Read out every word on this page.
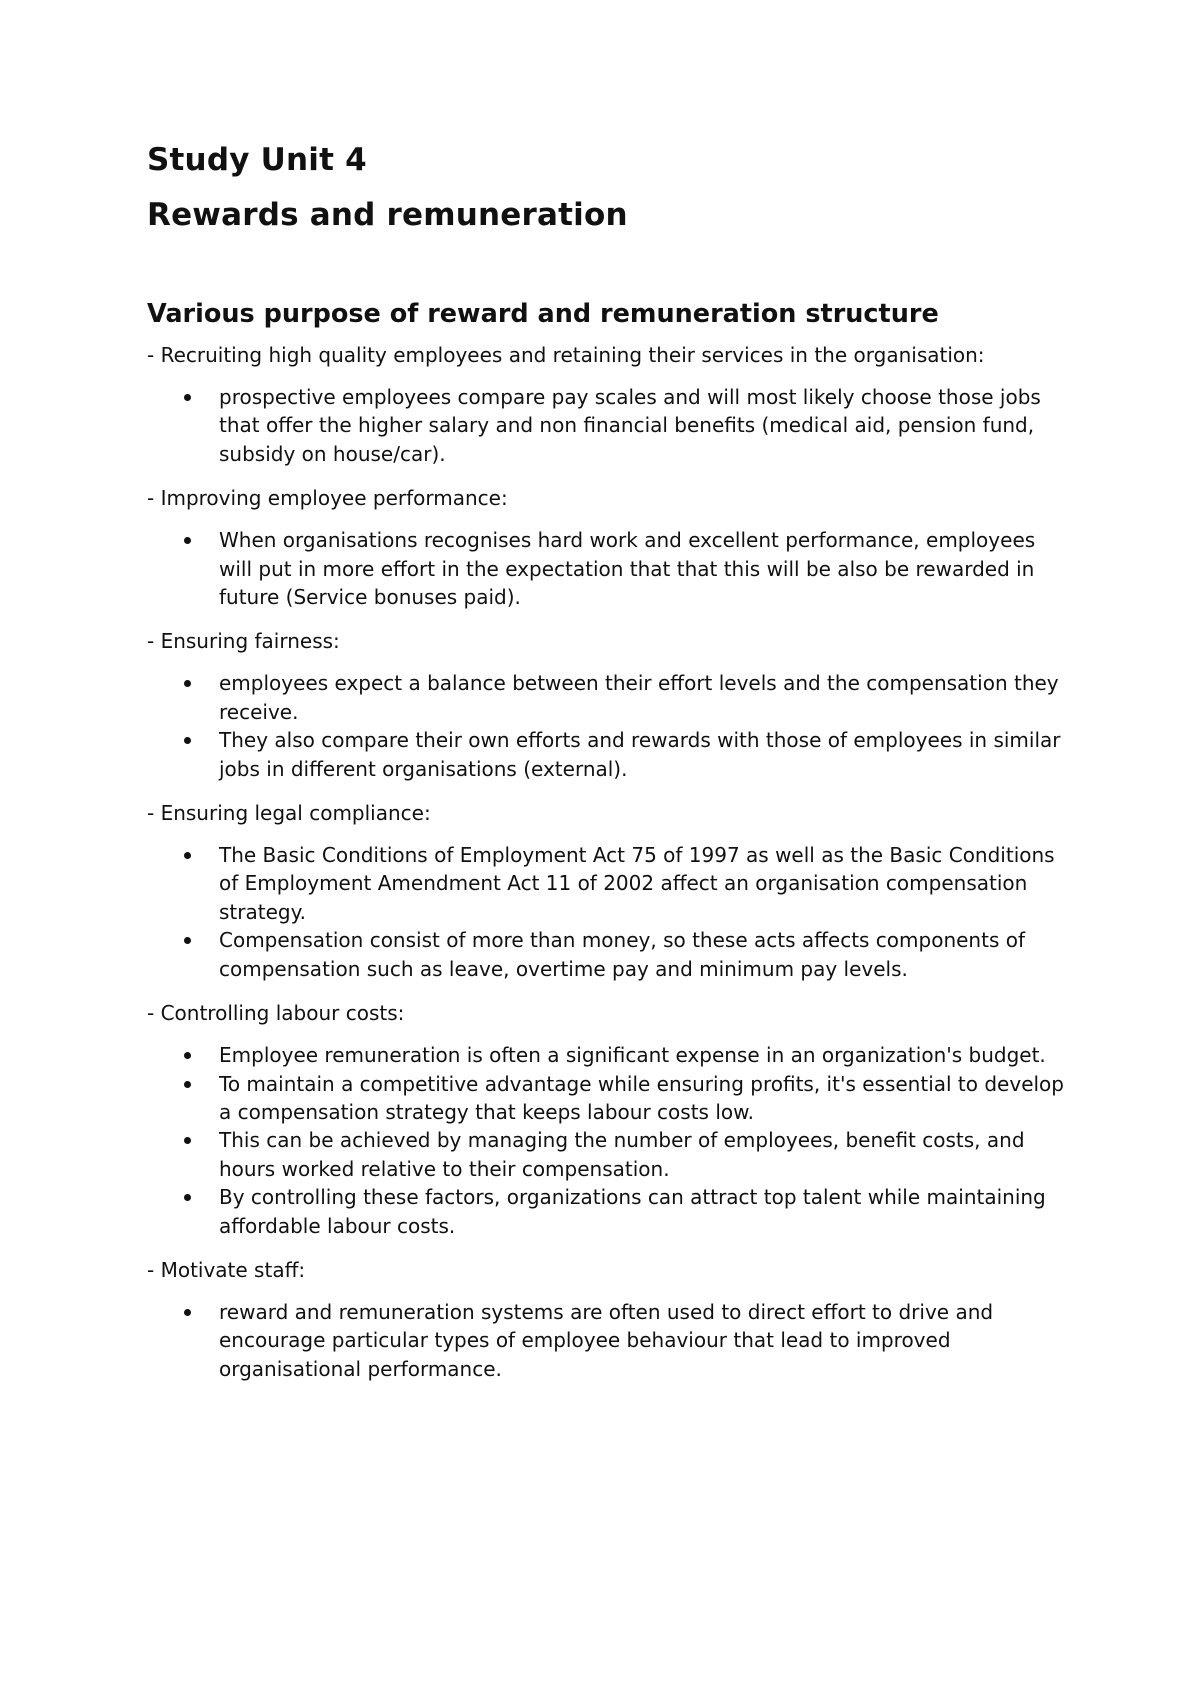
Study Unit 4
Rewards and remuneration
Various purpose of reward and remuneration structure

- Recruiting high quality employees and retaining their services in the organisation:

prospective employees compare pay scales and will most likely choose those jobs that offer the higher salary and non financial benefits (medical aid, pension fund, subsidy on house/car).

- Improving employee performance:

When organisations recognises hard work and excellent performance, employees will put in more effort in the expectation that that this will be also be rewarded in future (Service bonuses paid).

- Ensuring fairness:

employees expect a balance between their effort levels and the compensation they receive.
They also compare their own efforts and rewards with those of employees in similar jobs in different organisations (external).

- Ensuring legal compliance:

The Basic Conditions of Employment Act 75 of 1997 as well as the Basic Conditions of Employment Amendment Act 11 of 2002 affect an organisation compensation strategy.
Compensation consist of more than money, so these acts affects components of compensation such as leave, overtime pay and minimum pay levels.

- Controlling labour costs:

Employee remuneration is often a significant expense in an organization's budget.
To maintain a competitive advantage while ensuring profits, it's essential to develop a compensation strategy that keeps labour costs low.
This can be achieved by managing the number of employees, benefit costs, and hours worked relative to their compensation.
By controlling these factors, organizations can attract top talent while maintaining affordable labour costs.

- Motivate staff:

reward and remuneration systems are often used to direct effort to drive and encourage particular types of employee behaviour that lead to improved organisational performance.
